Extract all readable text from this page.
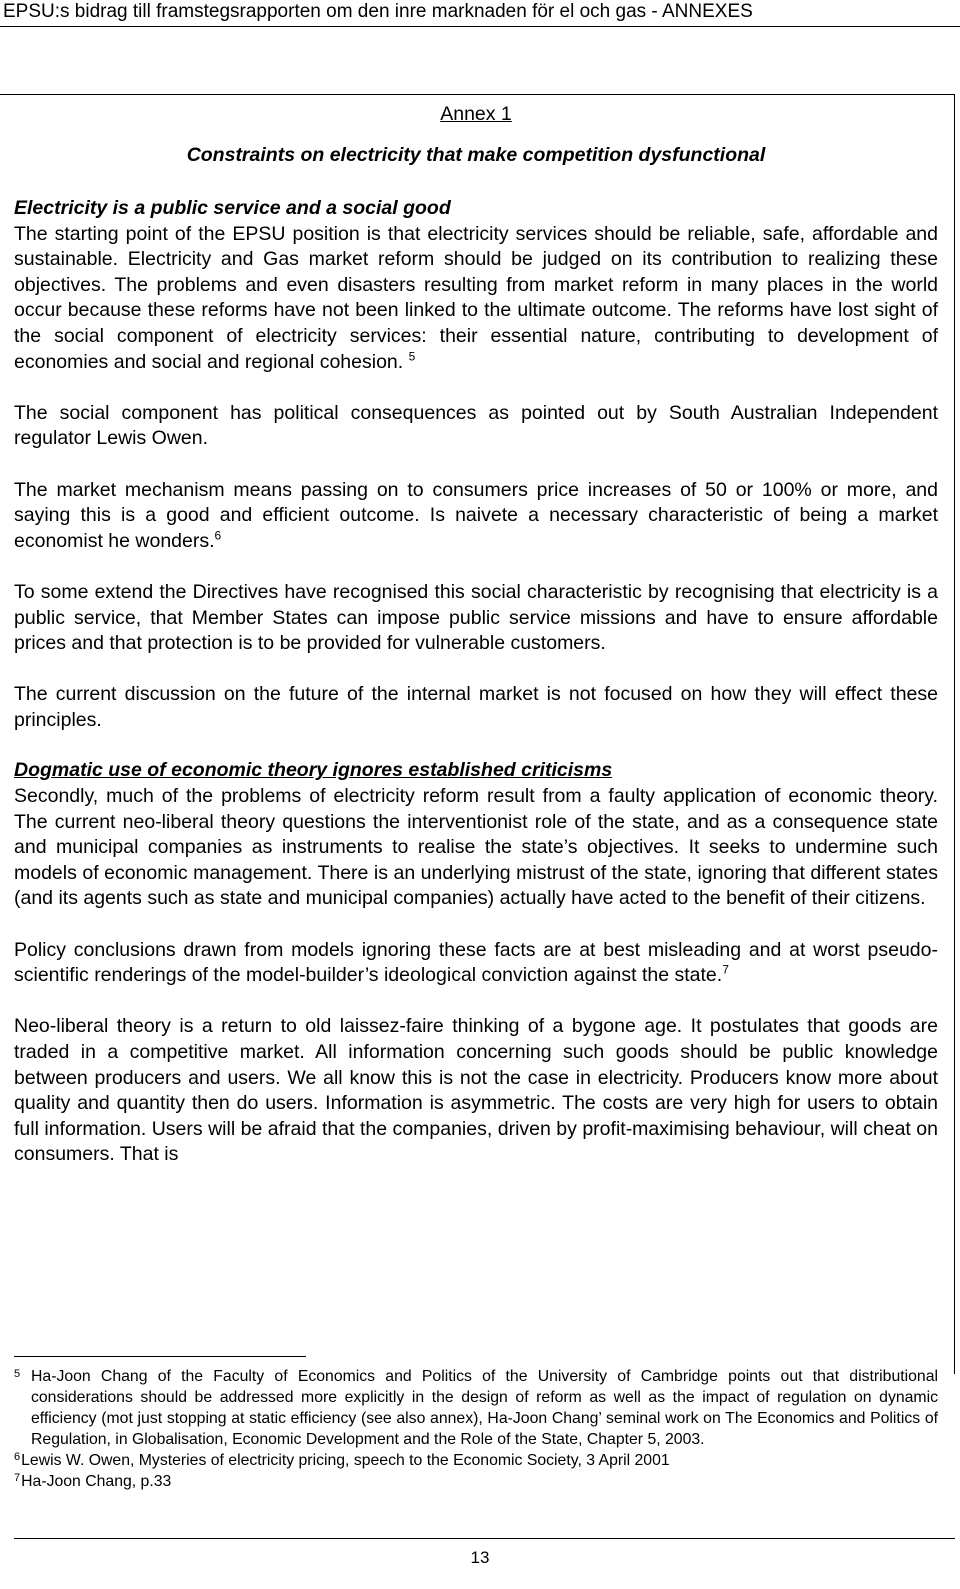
EPSU:s bidrag till framstegsrapporten om den inre marknaden för el och gas - ANNEXES
Annex 1
Constraints on electricity that make competition dysfunctional
Electricity is a public service and a social good

The starting point of the EPSU position is that electricity services should be reliable, safe, affordable and sustainable. Electricity and Gas market reform should be judged on its contribution to realizing these objectives. The problems and even disasters resulting from market reform in many places in the world occur because these reforms have not been linked to the ultimate outcome. The reforms have lost sight of the social component of electricity services: their essential nature, contributing to development of economies and social and regional cohesion. $^5$

The social component has political consequences as pointed out by South Australian Independent regulator Lewis Owen.

The market mechanism means passing on to consumers price increases of 50 or 100% or more, and saying this is a good and efficient outcome. Is naivete a necessary characteristic of being a market economist he wonders.$^6$

To some extend the Directives have recognised this social characteristic by recognising that electricity is a public service, that Member States can impose public service missions and have to ensure affordable prices and that protection is to be provided for vulnerable customers.

The current discussion on the future of the internal market is not focused on how they will effect these principles.

Dogmatic use of economic theory ignores established criticisms

Secondly, much of the problems of electricity reform result from a faulty application of economic theory. The current neo-liberal theory questions the interventionist role of the state, and as a consequence state and municipal companies as instruments to realise the state’s objectives. It seeks to undermine such models of economic management. There is an underlying mistrust of the state, ignoring that different states (and its agents such as state and municipal companies) actually have acted to the benefit of their citizens.

Policy conclusions drawn from models ignoring these facts are at best misleading and at worst pseudo-scientific renderings of the model-builder’s ideological conviction against the state.$^7$

Neo-liberal theory is a return to old laissez-faire thinking of a bygone age. It postulates that goods are traded in a competitive market. All information concerning such goods should be public knowledge between producers and users. We all know this is not the case in electricity. Producers know more about quality and quantity then do users. Information is asymmetric. The costs are very high for users to obtain full information. Users will be afraid that the companies, driven by profit-maximising behaviour, will cheat on consumers. That is

5 Ha-Joon Chang of the Faculty of Economics and Politics of the University of Cambridge points out that distributional considerations should be addressed more explicitly in the design of reform as well as the impact of regulation on dynamic efficiency (mot just stopping at static efficiency (see also annex), Ha-Joon Chang’ seminal work on The Economics and Politics of Regulation, in Globalisation, Economic Development and the Role of the State, Chapter 5, 2003.
6 Lewis W. Owen, Mysteries of electricity pricing, speech to the Economic Society, 3 April 2001
7 Ha-Joon Chang, p.33
13
